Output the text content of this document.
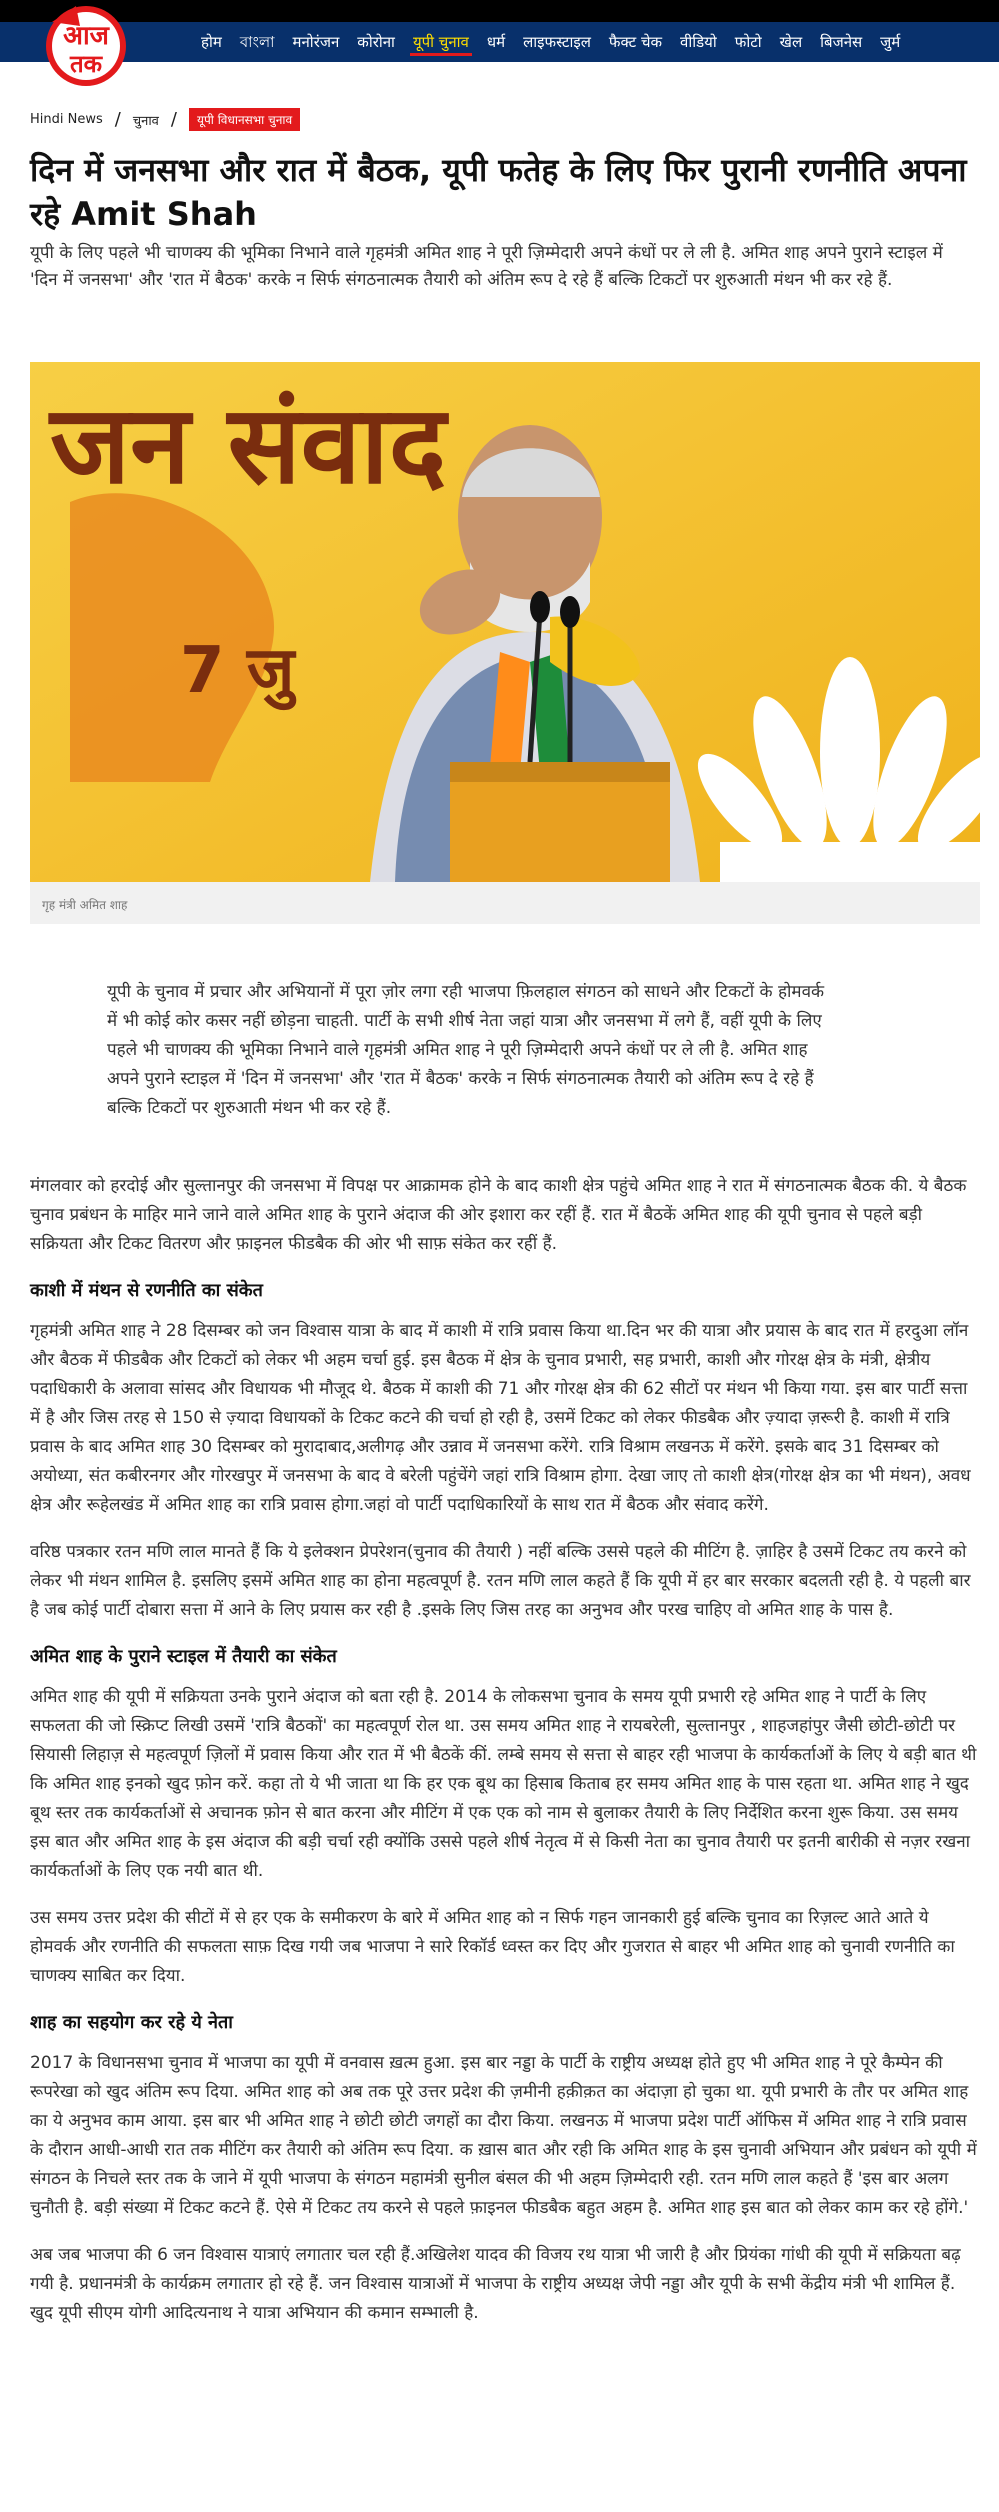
आज
तक
होम	বাংলা	मनोरंजन	कोरोना	यूपी चुनाव	धर्म	लाइफस्टाइल	फैक्ट चेक	वीडियो	फोटो	खेल	बिजनेस	जुर्म
Hindi News / चुनाव /	यूपी विधानसभा चुनाव
दिन में जनसभा और रात में बैठक, यूपी फतेह के लिए फिर पुरानी रणनीति अपना रहे Amit Shah

यूपी के लिए पहले भी चाणक्य की भूमिका निभाने वाले गृहमंत्री अमित शाह ने पूरी ज़िम्मेदारी अपने कंधों पर ले ली है. अमित शाह अपने पुराने स्टाइल में 'दिन में जनसभा' और 'रात में बैठक' करके न सिर्फ संगठनात्मक तैयारी को अंतिम रूप दे रहे हैं बल्कि टिकटों पर शुरुआती मंथन भी कर रहे हैं.

जन संवाद
7 जु
गृह मंत्री अमित शाह

यूपी के चुनाव में प्रचार और अभियानों में पूरा ज़ोर लगा रही भाजपा फ़िलहाल संगठन को साधने और टिकटों के होमवर्क में भी कोई कोर कसर नहीं छोड़ना चाहती. पार्टी के सभी शीर्ष नेता जहां यात्रा और जनसभा में लगे हैं, वहीं यूपी के लिए पहले भी चाणक्य की भूमिका निभाने वाले गृहमंत्री अमित शाह ने पूरी ज़िम्मेदारी अपने कंधों पर ले ली है. अमित शाह अपने पुराने स्टाइल में 'दिन में जनसभा' और 'रात में बैठक' करके न सिर्फ संगठनात्मक तैयारी को अंतिम रूप दे रहे हैं बल्कि टिकटों पर शुरुआती मंथन भी कर रहे हैं.

मंगलवार को हरदोई और सुल्तानपुर की जनसभा में विपक्ष पर आक्रामक होने के बाद काशी क्षेत्र पहुंचे अमित शाह ने रात में संगठनात्मक बैठक की. ये बैठक चुनाव प्रबंधन के माहिर माने जाने वाले अमित शाह के पुराने अंदाज की ओर इशारा कर रहीं हैं. रात में बैठकें अमित शाह की यूपी चुनाव से पहले बड़ी सक्रियता और टिकट वितरण और फ़ाइनल फीडबैक की ओर भी साफ़ संकेत कर रहीं हैं.

काशी में मंथन से रणनीति का संकेत

गृहमंत्री अमित शाह ने 28 दिसम्बर को जन विश्वास यात्रा के बाद में काशी में रात्रि प्रवास किया था.दिन भर की यात्रा और प्रयास के बाद रात में हरदुआ लॉन और बैठक में फीडबैक और टिकटों को लेकर भी अहम चर्चा हुई. इस बैठक में क्षेत्र के चुनाव प्रभारी, सह प्रभारी, काशी और गोरक्ष क्षेत्र के मंत्री, क्षेत्रीय पदाधिकारी के अलावा सांसद और विधायक भी मौजूद थे. बैठक में काशी की 71 और गोरक्ष क्षेत्र की 62 सीटों पर मंथन भी किया गया. इस बार पार्टी सत्ता में है और जिस तरह से 150 से ज़्यादा विधायकों के टिकट कटने की चर्चा हो रही है, उसमें टिकट को लेकर फीडबैक और ज़्यादा ज़रूरी है. काशी में रात्रि प्रवास के बाद अमित शाह 30 दिसम्बर को मुरादाबाद,अलीगढ़ और उन्नाव में जनसभा करेंगे. रात्रि विश्राम लखनऊ में करेंगे. इसके बाद 31 दिसम्बर को अयोध्या, संत कबीरनगर और गोरखपुर में जनसभा के बाद वे बरेली पहुंचेंगे जहां रात्रि विश्राम होगा. देखा जाए तो काशी क्षेत्र(गोरक्ष क्षेत्र का भी मंथन), अवध क्षेत्र और रूहेलखंड में अमित शाह का रात्रि प्रवास होगा.जहां वो पार्टी पदाधिकारियों के साथ रात में बैठक और संवाद करेंगे.

वरिष्ठ पत्रकार रतन मणि लाल मानते हैं कि ये इलेक्शन प्रेपरेशन(चुनाव की तैयारी ) नहीं बल्कि उससे पहले की मीटिंग है. ज़ाहिर है उसमें टिकट तय करने को लेकर भी मंथन शामिल है. इसलिए इसमें अमित शाह का होना महत्वपूर्ण है. रतन मणि लाल कहते हैं कि यूपी में हर बार सरकार बदलती रही है. ये पहली बार है जब कोई पार्टी दोबारा सत्ता में आने के लिए प्रयास कर रही है .इसके लिए जिस तरह का अनुभव और परख चाहिए वो अमित शाह के पास है.

अमित शाह के पुराने स्टाइल में तैयारी का संकेत

अमित शाह की यूपी में सक्रियता उनके पुराने अंदाज को बता रही है. 2014 के लोकसभा चुनाव के समय यूपी प्रभारी रहे अमित शाह ने पार्टी के लिए सफलता की जो स्क्रिप्ट लिखी उसमें 'रात्रि बैठकों' का महत्वपूर्ण रोल था. उस समय अमित शाह ने रायबरेली, सुल्तानपुर , शाहजहांपुर जैसी छोटी-छोटी पर सियासी लिहाज़ से महत्वपूर्ण ज़िलों में प्रवास किया और रात में भी बैठकें कीं. लम्बे समय से सत्ता से बाहर रही भाजपा के कार्यकर्ताओं के लिए ये बड़ी बात थी कि अमित शाह इनको खुद फ़ोन करें. कहा तो ये भी जाता था कि हर एक बूथ का हिसाब किताब हर समय अमित शाह के पास रहता था. अमित शाह ने खुद बूथ स्तर तक कार्यकर्ताओं से अचानक फ़ोन से बात करना और मीटिंग में एक एक को नाम से बुलाकर तैयारी के लिए निर्देशित करना शुरू किया. उस समय इस बात और अमित शाह के इस अंदाज की बड़ी चर्चा रही क्योंकि उससे पहले शीर्ष नेतृत्व में से किसी नेता का चुनाव तैयारी पर इतनी बारीकी से नज़र रखना कार्यकर्ताओं के लिए एक नयी बात थी.

उस समय उत्तर प्रदेश की सीटों में से हर एक के समीकरण के बारे में अमित शाह को न सिर्फ गहन जानकारी हुई बल्कि चुनाव का रिज़ल्ट आते आते ये होमवर्क और रणनीति की सफलता साफ़ दिख गयी जब भाजपा ने सारे रिकॉर्ड ध्वस्त कर दिए और गुजरात से बाहर भी अमित शाह को चुनावी रणनीति का चाणक्य साबित कर दिया.

शाह का सहयोग कर रहे ये नेता

2017 के विधानसभा चुनाव में भाजपा का यूपी में वनवास ख़त्म हुआ. इस बार नड्डा के पार्टी के राष्ट्रीय अध्यक्ष होते हुए भी अमित शाह ने पूरे कैम्पेन की रूपरेखा को खुद अंतिम रूप दिया. अमित शाह को अब तक पूरे उत्तर प्रदेश की ज़मीनी हक़ीक़त का अंदाज़ा हो चुका था. यूपी प्रभारी के तौर पर अमित शाह का ये अनुभव काम आया. इस बार भी अमित शाह ने छोटी छोटी जगहों का दौरा किया. लखनऊ में भाजपा प्रदेश पार्टी ऑफिस में अमित शाह ने रात्रि प्रवास के दौरान आधी-आधी रात तक मीटिंग कर तैयारी को अंतिम रूप दिया. क ख़ास बात और रही कि अमित शाह के इस चुनावी अभियान और प्रबंधन को यूपी में संगठन के निचले स्तर तक के जाने में यूपी भाजपा के संगठन महामंत्री सुनील बंसल की भी अहम ज़िम्मेदारी रही. रतन मणि लाल कहते हैं 'इस बार अलग चुनौती है. बड़ी संख्या में टिकट कटने हैं. ऐसे में टिकट तय करने से पहले फ़ाइनल फीडबैक बहुत अहम है. अमित शाह इस बात को लेकर काम कर रहे होंगे.'

अब जब भाजपा की 6 जन विश्वास यात्राएं लगातार चल रही हैं.अखिलेश यादव की विजय रथ यात्रा भी जारी है और प्रियंका गांधी की यूपी में सक्रियता बढ़ गयी है. प्रधानमंत्री के कार्यक्रम लगातार हो रहे हैं. जन विश्वास यात्राओं में भाजपा के राष्ट्रीय अध्यक्ष जेपी नड्डा और यूपी के सभी केंद्रीय मंत्री भी शामिल हैं. खुद यूपी सीएम योगी आदित्यनाथ ने यात्रा अभियान की कमान सम्भाली है.
